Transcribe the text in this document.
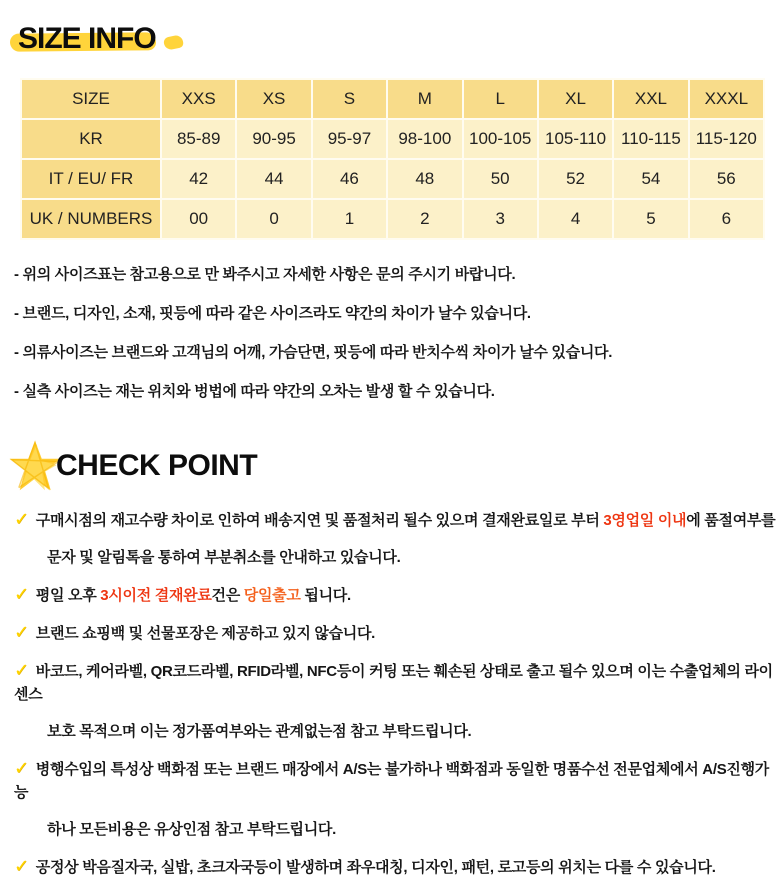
SIZE INFO
SIZE	XXS	XS	S	M	L	XL	XXL	XXXL
KR	85-89	90-95	95-97	98-100	100-105	105-110	110-115	115-120
IT / EU/ FR	42	44	46	48	50	52	54	56
UK / NUMBERS	00	0	1	2	3	4	5	6
- 위의 사이즈표는 참고용으로 만 봐주시고 자세한 사항은 문의 주시기 바랍니다.
- 브랜드, 디자인, 소재, 핏등에 따라 같은 사이즈라도 약간의 차이가 날수 있습니다.
- 의류사이즈는 브랜드와 고객님의 어깨, 가슴단면, 핏등에 따라 반치수씩 차이가 날수 있습니다.
- 실측 사이즈는 재는 위치와 벙법에 따라 약간의 오차는 발생 할 수 있습니다.
CHECK POINT
✓ 구매시점의 재고수량 차이로 인하여 배송지연 및 품절처리 될수 있으며 결재완료일로 부터 3영업일 이내에 품절여부를
문자 및 알림톡을 통하여 부분취소를 안내하고 있습니다.
✓ 평일 오후 3시이전 결재완료건은 당일출고 됩니다.
✓ 브랜드 쇼핑백 및 선물포장은 제공하고 있지 않습니다.
✓ 바코드, 케어라벨, QR코드라벨, RFID라벨, NFC등이 커팅 또는 훼손된 상태로 출고 될수 있으며 이는 수출업체의 라이센스
보호 목적으며 이는 정가품여부와는 관계없는점 참고 부탁드립니다.
✓ 병행수입의 특성상 백화점 또는 브랜드 매장에서 A/S는 불가하나 백화점과 동일한 명품수선 전문업체에서 A/S진행가능
하나 모든비용은 유상인점 참고 부탁드립니다.
✓ 공정상 박음질자국, 실밥, 초크자국등이 발생하며 좌우대칭, 디자인, 패턴, 로고등의 위치는 다를 수 있습니다.
